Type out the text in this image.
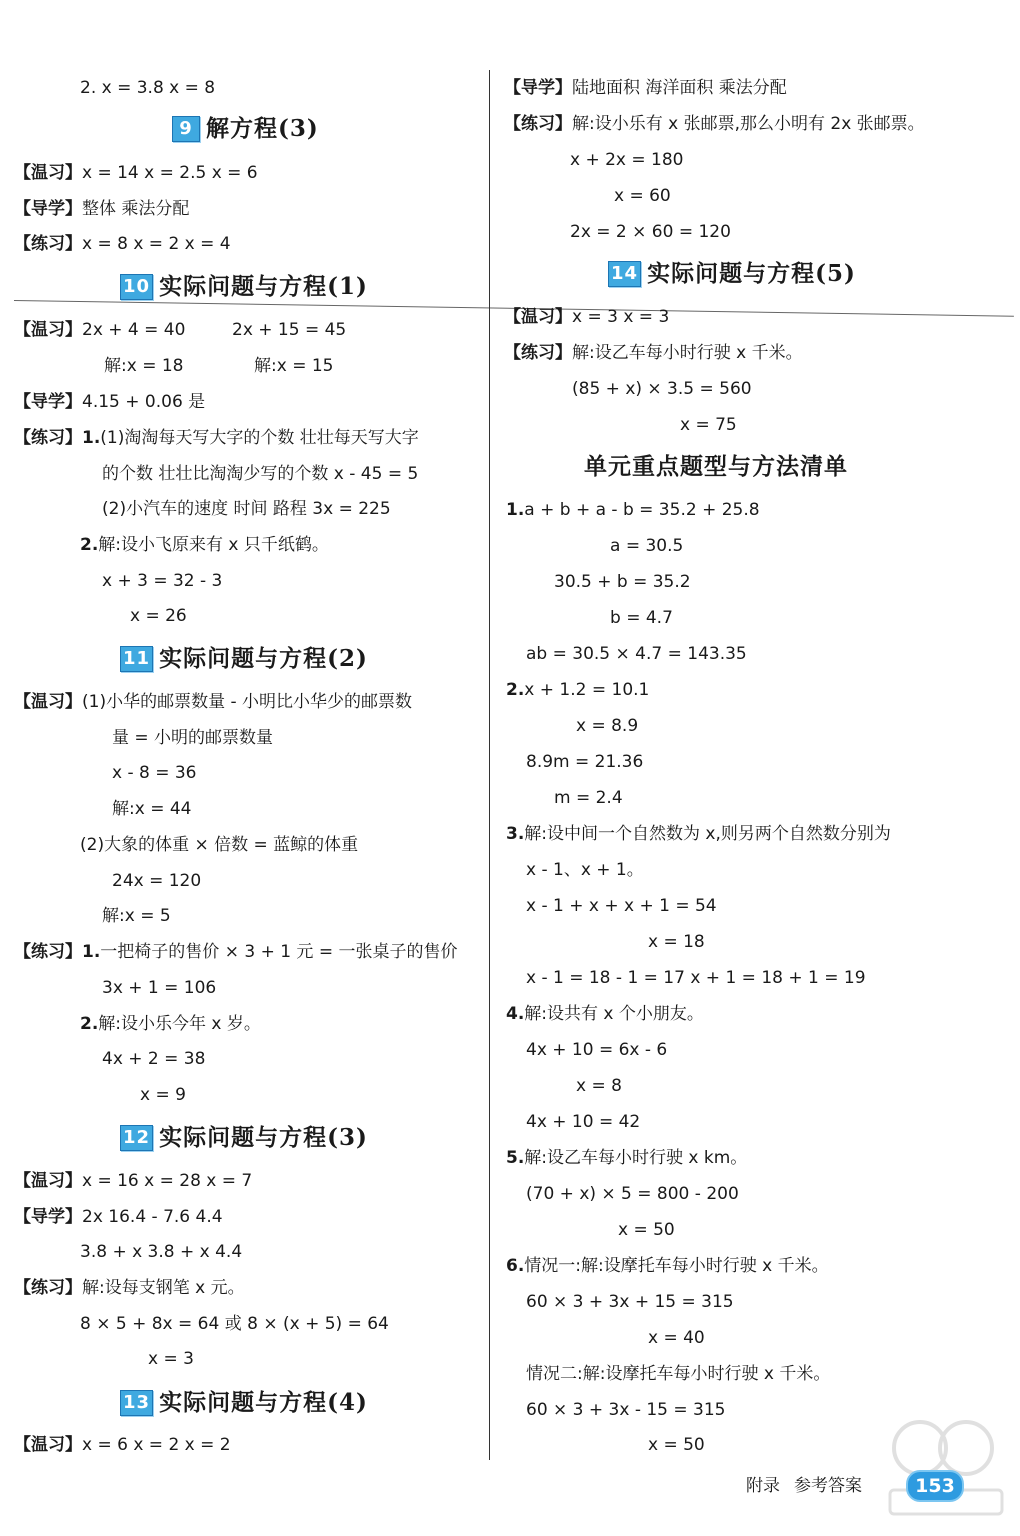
2. x = 3.8 x = 8
9 解方程(3)
【温习】x = 14 x = 2.5 x = 6
【导学】整体 乘法分配
【练习】x = 8 x = 2 x = 4
10 实际问题与方程(1)
【温习】2x + 4 = 40	2x + 15 = 45
解:x = 18	解:x = 15
【导学】4.15 + 0.06 是
【练习】1.(1)淘淘每天写大字的个数 壮壮每天写大字
的个数 壮壮比淘淘少写的个数 x - 45 = 5
(2)小汽车的速度 时间 路程 3x = 225
2.解:设小飞原来有 x 只千纸鹤。
x + 3 = 32 - 3
x = 26
11 实际问题与方程(2)
【温习】(1)小华的邮票数量 - 小明比小华少的邮票数
量 = 小明的邮票数量
x - 8 = 36
解:x = 44
(2)大象的体重 × 倍数 = 蓝鲸的体重
24x = 120
解:x = 5
【练习】1.一把椅子的售价 × 3 + 1 元 = 一张桌子的售价
3x + 1 = 106
2.解:设小乐今年 x 岁。
4x + 2 = 38
x = 9
12 实际问题与方程(3)
【温习】x = 16 x = 28 x = 7
【导学】2x 16.4 - 7.6 4.4
3.8 + x 3.8 + x 4.4
【练习】解:设每支钢笔 x 元。
8 × 5 + 8x = 64 或 8 × (x + 5) = 64
x = 3
13 实际问题与方程(4)
【温习】x = 6 x = 2 x = 2
【导学】陆地面积 海洋面积 乘法分配
【练习】解:设小乐有 x 张邮票,那么小明有 2x 张邮票。
x + 2x = 180
x = 60
2x = 2 × 60 = 120
14 实际问题与方程(5)
【温习】x = 3 x = 3
【练习】解:设乙车每小时行驶 x 千米。
(85 + x) × 3.5 = 560
x = 75
单元重点题型与方法清单
1.a + b + a - b = 35.2 + 25.8
a = 30.5
30.5 + b = 35.2
b = 4.7
ab = 30.5 × 4.7 = 143.35
2.x + 1.2 = 10.1
x = 8.9
8.9m = 21.36
m = 2.4
3.解:设中间一个自然数为 x,则另两个自然数分别为
x - 1、x + 1。
x - 1 + x + x + 1 = 54
x = 18
x - 1 = 18 - 1 = 17 x + 1 = 18 + 1 = 19
4.解:设共有 x 个小朋友。
4x + 10 = 6x - 6
x = 8
4x + 10 = 42
5.解:设乙车每小时行驶 x km。
(70 + x) × 5 = 800 - 200
x = 50
6.情况一:解:设摩托车每小时行驶 x 千米。
60 × 3 + 3x + 15 = 315
x = 40
情况二:解:设摩托车每小时行驶 x 千米。
60 × 3 + 3x - 15 = 315
x = 50
附录 参考答案	153
